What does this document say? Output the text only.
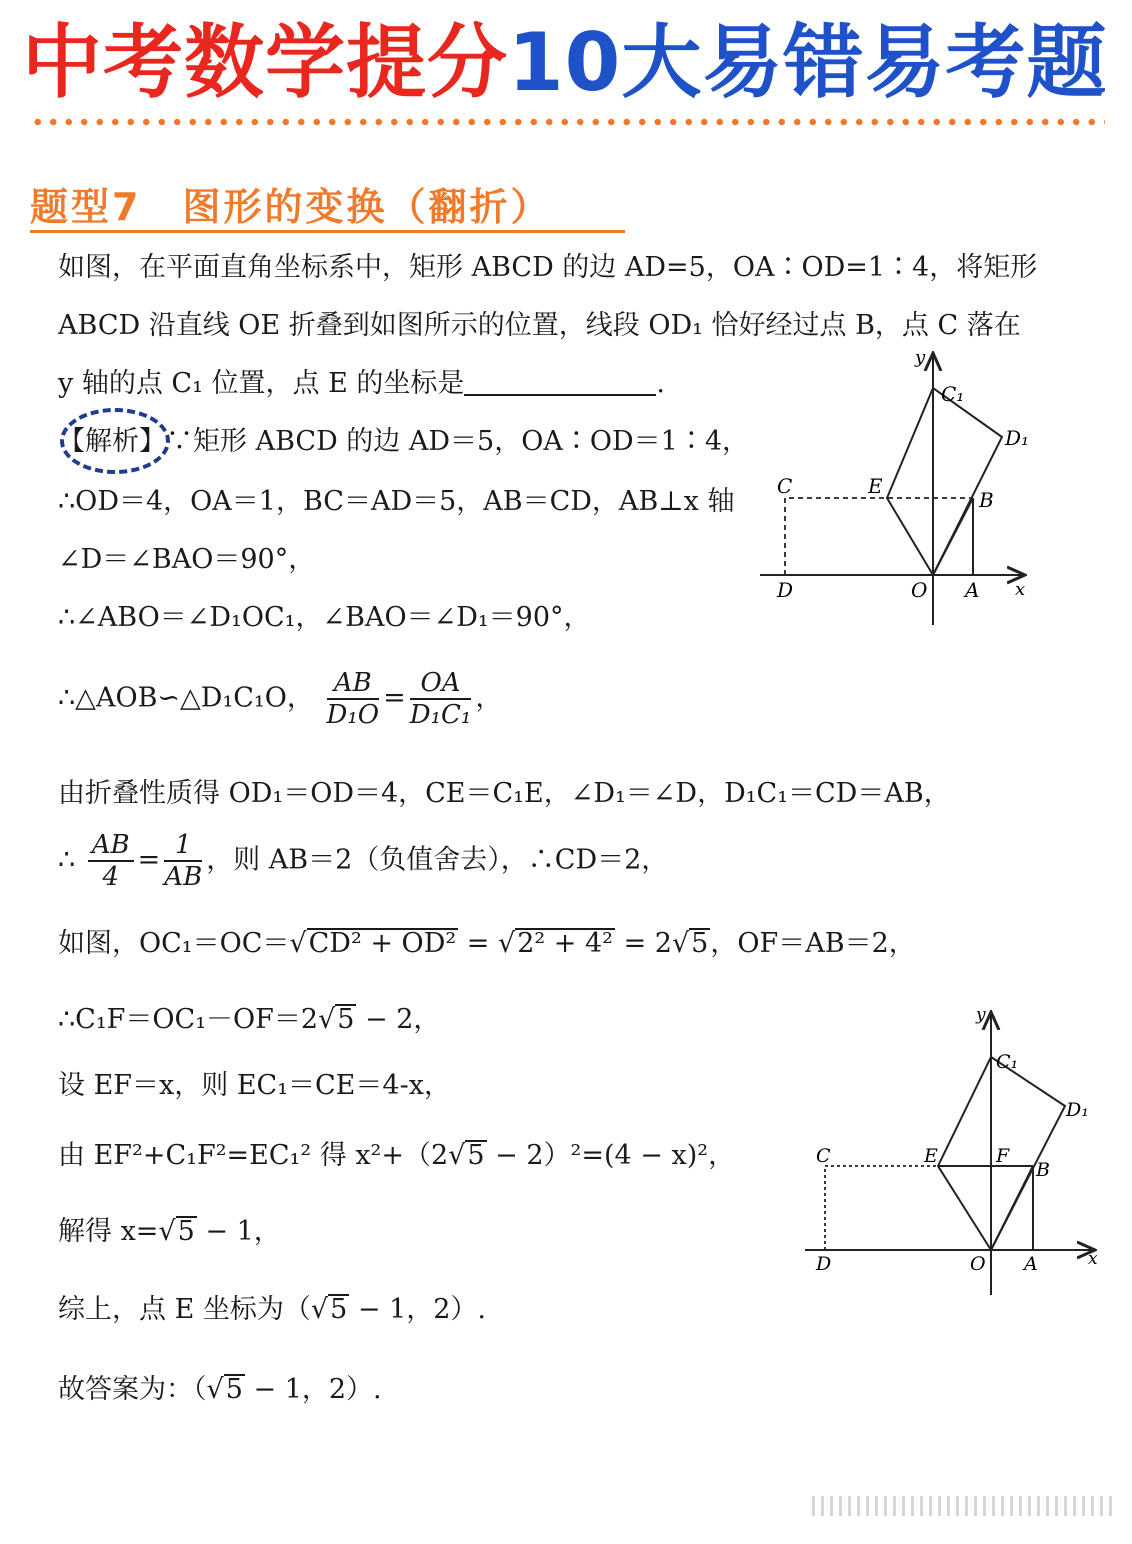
中考数学提分10大易错易考题
题型7　图形的变换（翻折）
如图，在平面直角坐标系中，矩形 ABCD 的边 AD=5，OA∶OD=1∶4，将矩形
ABCD 沿直线 OE 折叠到如图所示的位置，线段 OD₁ 恰好经过点 B，点 C 落在
y 轴的点 C₁ 位置，点 E 的坐标是	.
【解析】∵矩形 ABCD 的边 AD＝5，OA∶OD＝1∶4，
∴OD＝4，OA＝1，BC＝AD＝5，AB＝CD，AB⊥x 轴
∠D＝∠BAO＝90°，
∴∠ABO＝∠D₁OC₁，∠BAO＝∠D₁＝90°，
∴△AOB∽△D₁C₁O， $\frac{AB}{\text{D₁O}} = \frac{OA}{\text{D₁C₁}}$ ，
由折叠性质得 OD₁＝OD＝4，CE＝C₁E，∠D₁＝∠D，D₁C₁＝CD＝AB，
∴ $\frac{AB}{4} = \frac{1}{AB}$ ，则 AB＝2（负值舍去），∴CD＝2，
如图，OC₁＝OC＝√CD² + OD² = √2² + 4² = 2√5，OF＝AB＝2，
∴C₁F＝OC₁－OF＝2√5 − 2，
设 EF＝x，则 EC₁＝CE＝4-x，
由 EF²+C₁F²=EC₁² 得 x²+（2√5 − 2）²=(4 − x)²，
解得 x=√5 − 1，
综上，点 E 坐标为（√5 − 1，2）.
故答案为：（√5 − 1，2）.
y
C₁
D₁
C	E
B
D	O A x
y
C₁
D₁
C	E	F
B
D	O A	x
